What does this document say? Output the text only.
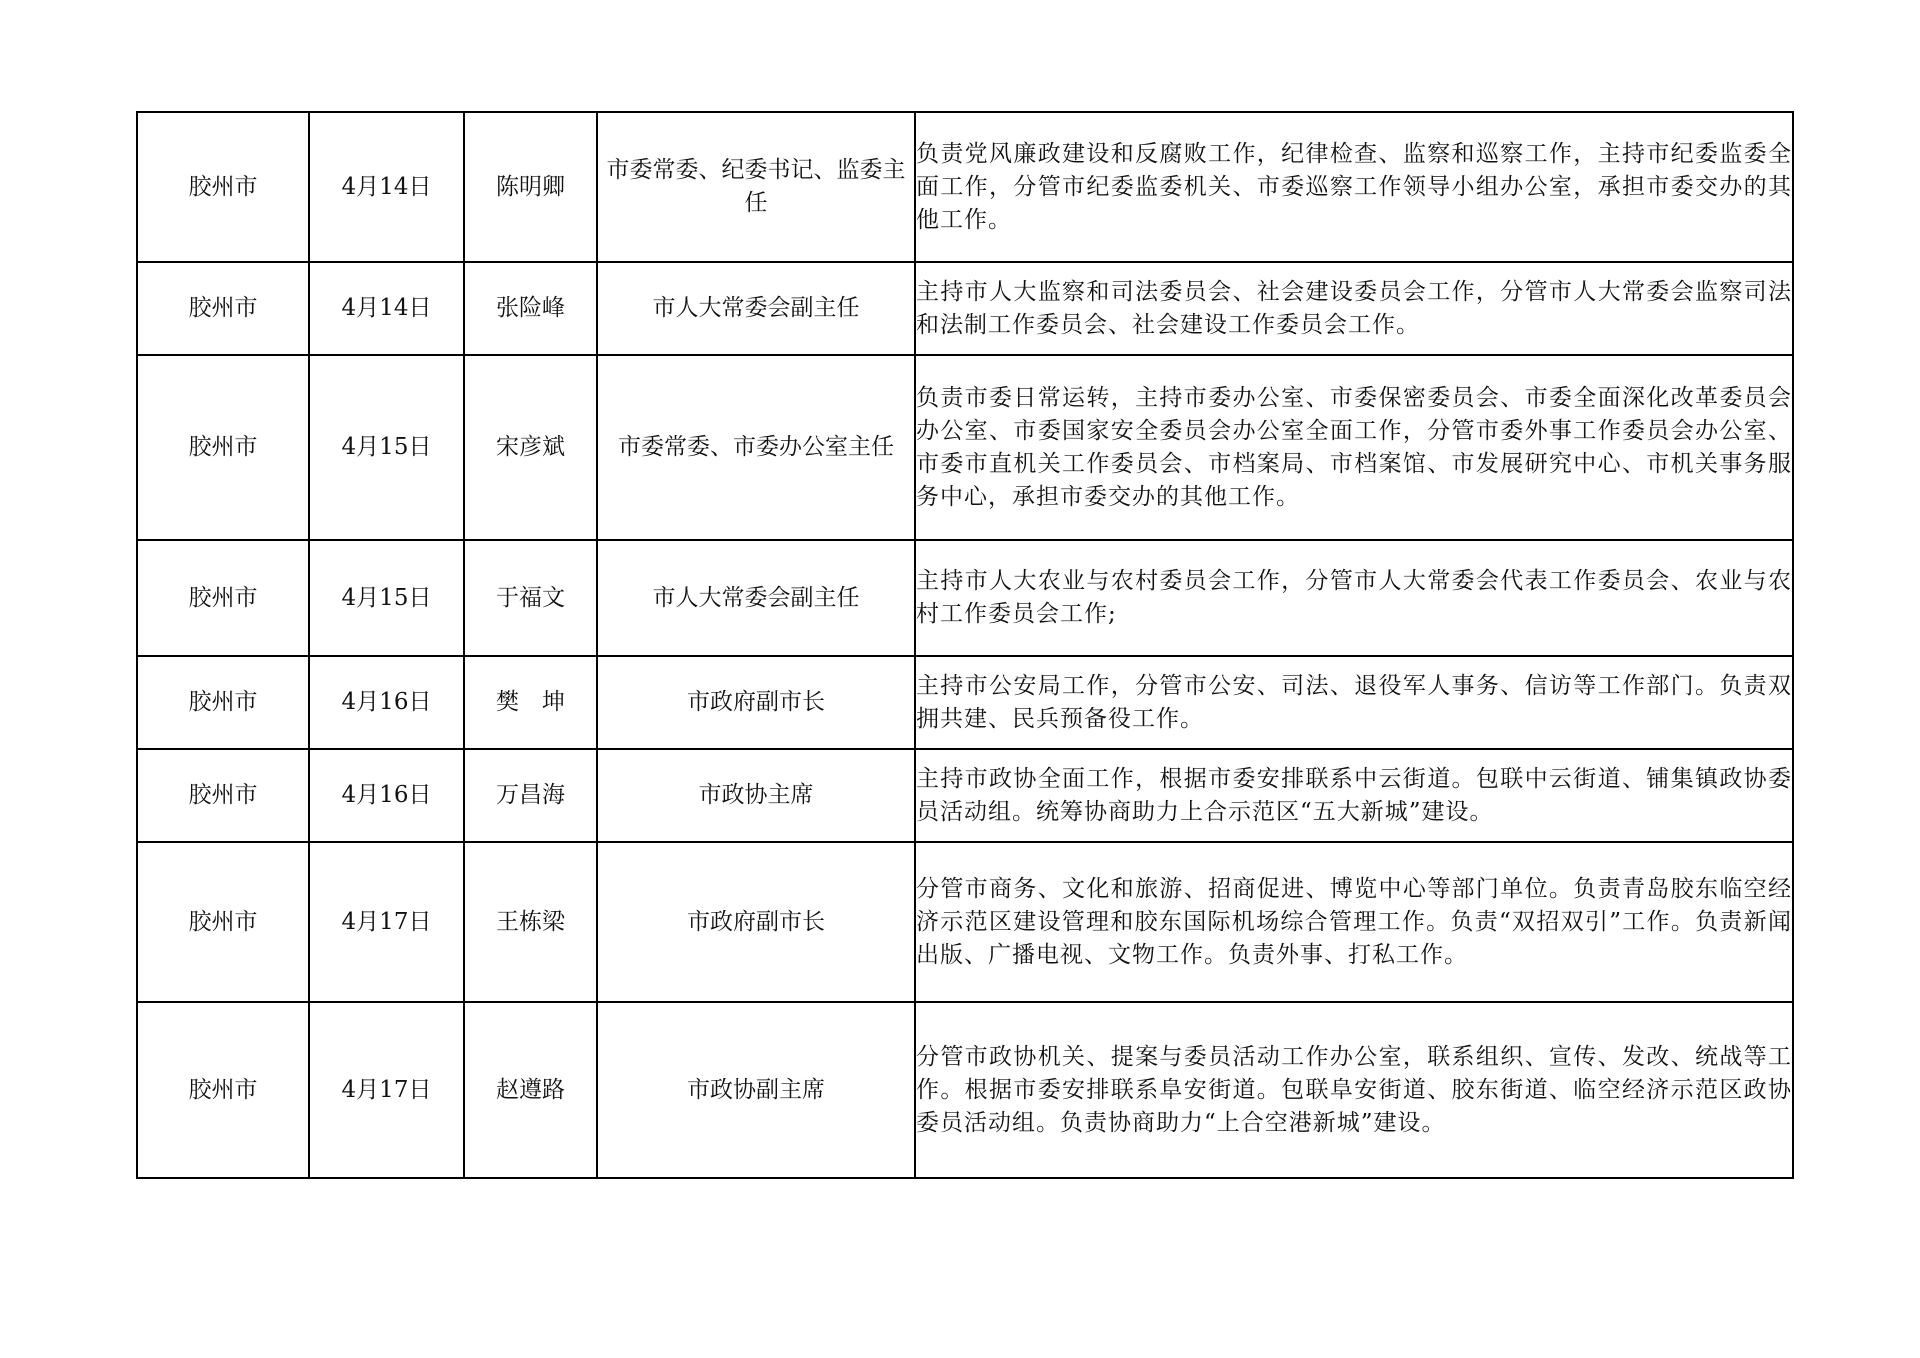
胶州市	4月14日	陈明卿	市委常委、纪委书记、监委主任	负责党风廉政建设和反腐败工作，纪律检查、监察和巡察工作，主持市纪委监委全面工作，分管市纪委监委机关、市委巡察工作领导小组办公室，承担市委交办的其他工作。
胶州市	4月14日	张险峰	市人大常委会副主任	主持市人大监察和司法委员会、社会建设委员会工作，分管市人大常委会监察司法和法制工作委员会、社会建设工作委员会工作。
胶州市	4月15日	宋彦斌	市委常委、市委办公室主任	负责市委日常运转，主持市委办公室、市委保密委员会、市委全面深化改革委员会办公室、市委国家安全委员会办公室全面工作，分管市委外事工作委员会办公室、市委市直机关工作委员会、市档案局、市档案馆、市发展研究中心、市机关事务服务中心，承担市委交办的其他工作。
胶州市	4月15日	于福文	市人大常委会副主任	主持市人大农业与农村委员会工作，分管市人大常委会代表工作委员会、农业与农村工作委员会工作;
胶州市	4月16日	樊　坤	市政府副市长	主持市公安局工作，分管市公安、司法、退役军人事务、信访等工作部门。负责双拥共建、民兵预备役工作。
胶州市	4月16日	万昌海	市政协主席	主持市政协全面工作，根据市委安排联系中云街道。包联中云街道、铺集镇政协委员活动组。统筹协商助力上合示范区“五大新城”建设。
胶州市	4月17日	王栋梁	市政府副市长	分管市商务、文化和旅游、招商促进、博览中心等部门单位。负责青岛胶东临空经济示范区建设管理和胶东国际机场综合管理工作。负责“双招双引”工作。负责新闻出版、广播电视、文物工作。负责外事、打私工作。
胶州市	4月17日	赵遵路	市政协副主席	分管市政协机关、提案与委员活动工作办公室，联系组织、宣传、发改、统战等工作。根据市委安排联系阜安街道。包联阜安街道、胶东街道、临空经济示范区政协委员活动组。负责协商助力“上合空港新城”建设。
